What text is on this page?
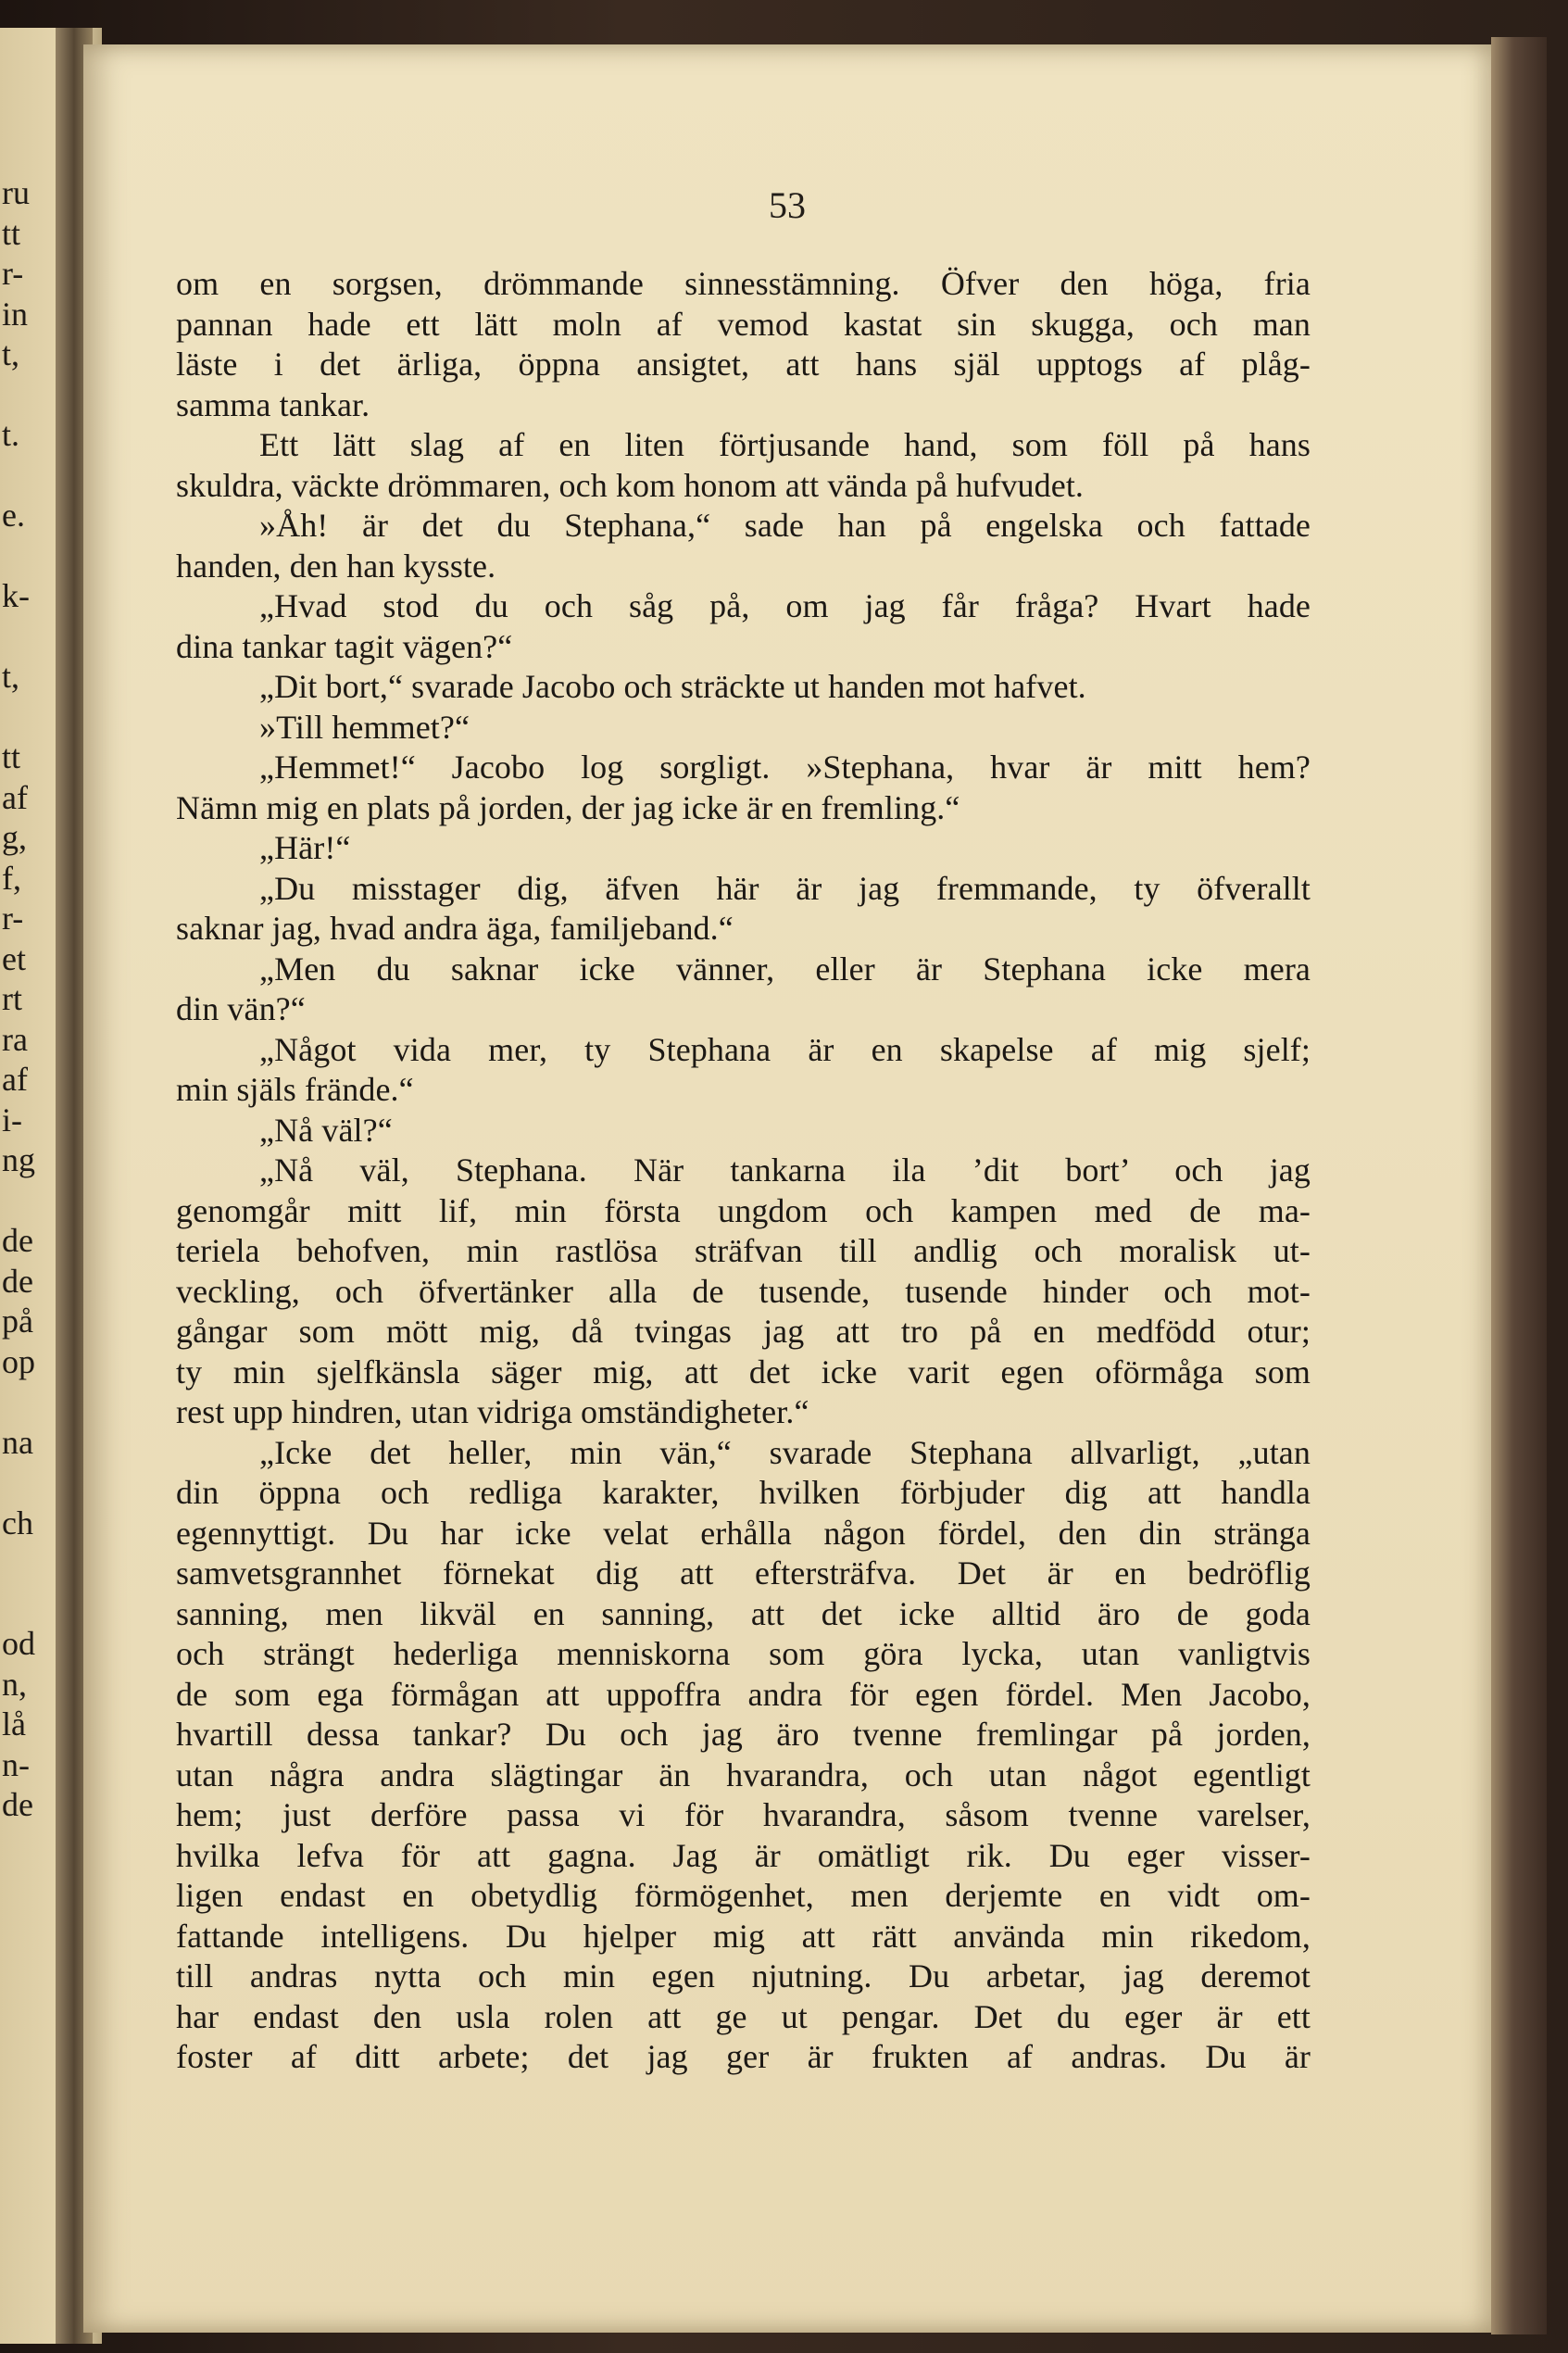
ru
tt
r-
in
t,
t.
e.
k-
t,
tt
af
g,
f,
r-
et
rt
ra
af
i-
ng
de
de
på
op
na
ch
od
n,
lå
n-
de

53

om en sorgsen, drömmande sinnesstämning. Öfver den höga, fria
pannan hade ett lätt moln af vemod kastat sin skugga, och man
läste i det ärliga, öppna ansigtet, att hans själ upptogs af plåg-
samma tankar.
Ett lätt slag af en liten förtjusande hand, som föll på hans
skuldra, väckte drömmaren, och kom honom att vända på hufvudet.
»Åh! är det du Stephana,“ sade han på engelska och fattade
handen, den han kysste.
„Hvad stod du och såg på, om jag får fråga? Hvart hade
dina tankar tagit vägen?“
„Dit bort,“ svarade Jacobo och sträckte ut handen mot hafvet.
»Till hemmet?“
„Hemmet!“ Jacobo log sorgligt. »Stephana, hvar är mitt hem?
Nämn mig en plats på jorden, der jag icke är en fremling.“
„Här!“
„Du misstager dig, äfven här är jag fremmande, ty öfverallt
saknar jag, hvad andra äga, familjeband.“
„Men du saknar icke vänner, eller är Stephana icke mera
din vän?“
„Något vida mer, ty Stephana är en skapelse af mig sjelf;
min själs frände.“
„Nå väl?“
„Nå väl, Stephana. När tankarna ila ’dit bort’ och jag
genomgår mitt lif, min första ungdom och kampen med de ma-
teriela behofven, min rastlösa sträfvan till andlig och moralisk ut-
veckling, och öfvertänker alla de tusende, tusende hinder och mot-
gångar som mött mig, då tvingas jag att tro på en medfödd otur;
ty min sjelfkänsla säger mig, att det icke varit egen oförmåga som
rest upp hindren, utan vidriga omständigheter.“
„Icke det heller, min vän,“ svarade Stephana allvarligt, „utan
din öppna och redliga karakter, hvilken förbjuder dig att handla
egennyttigt. Du har icke velat erhålla någon fördel, den din stränga
samvetsgrannhet förnekat dig att eftersträfva. Det är en bedröflig
sanning, men likväl en sanning, att det icke alltid äro de goda
och strängt hederliga menniskorna som göra lycka, utan vanligtvis
de som ega förmågan att uppoffra andra för egen fördel. Men Jacobo,
hvartill dessa tankar? Du och jag äro tvenne fremlingar på jorden,
utan några andra slägtingar än hvarandra, och utan något egentligt
hem; just derföre passa vi för hvarandra, såsom tvenne varelser,
hvilka lefva för att gagna. Jag är omätligt rik. Du eger visser-
ligen endast en obetydlig förmögenhet, men derjemte en vidt om-
fattande intelligens. Du hjelper mig att rätt använda min rikedom,
till andras nytta och min egen njutning. Du arbetar, jag deremot
har endast den usla rolen att ge ut pengar. Det du eger är ett
foster af ditt arbete; det jag ger är frukten af andras. Du är
